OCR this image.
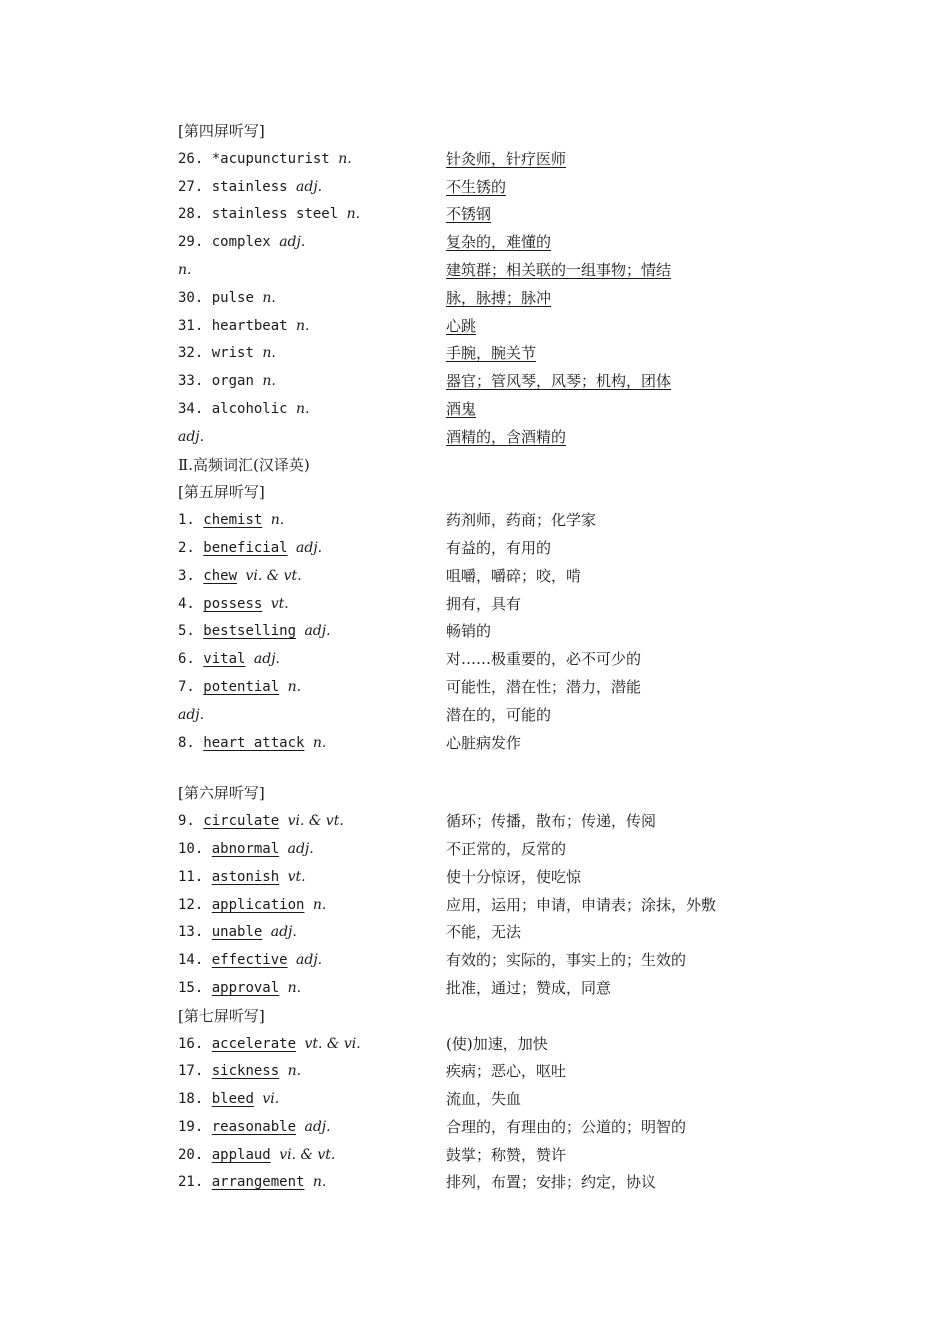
[第四屏听写]
26. *acupuncturist n.	针灸师，针疗医师
27. stainless adj.	不生锈的
28. stainless steel n.	不锈钢
29. complex adj.	复杂的，难懂的
n.	建筑群；相关联的一组事物；情结
30. pulse n.	脉，脉搏；脉冲
31. heartbeat n.	心跳
32. wrist n.	手腕，腕关节
33. organ n.	器官；管风琴，风琴；机构，团体
34. alcoholic n.	酒鬼
adj.	酒精的，含酒精的
Ⅱ.高频词汇(汉译英)
[第五屏听写]
1. chemist n.	药剂师，药商；化学家
2. beneficial adj.	有益的，有用的
3. chew vi. & vt.	咀嚼，嚼碎；咬，啃
4. possess vt.	拥有，具有
5. bestselling adj.	畅销的
6. vital adj.	对……极重要的，必不可少的
7. potential n.	可能性，潜在性；潜力，潜能
adj.	潜在的，可能的
8. heart attack n.	心脏病发作
[第六屏听写]
9. circulate vi. & vt.	循环；传播，散布；传递，传阅
10. abnormal adj.	不正常的，反常的
11. astonish vt.	使十分惊讶，使吃惊
12. application n.	应用，运用；申请，申请表；涂抹，外敷
13. unable adj.	不能，无法
14. effective adj.	有效的；实际的，事实上的；生效的
15. approval n.	批准，通过；赞成，同意
[第七屏听写]
16. accelerate vt. & vi.	(使)加速，加快
17. sickness n.	疾病；恶心，呕吐
18. bleed vi.	流血，失血
19. reasonable adj.	合理的，有理由的；公道的；明智的
20. applaud vi. & vt.	鼓掌；称赞，赞许
21. arrangement n.	排列，布置；安排；约定，协议
